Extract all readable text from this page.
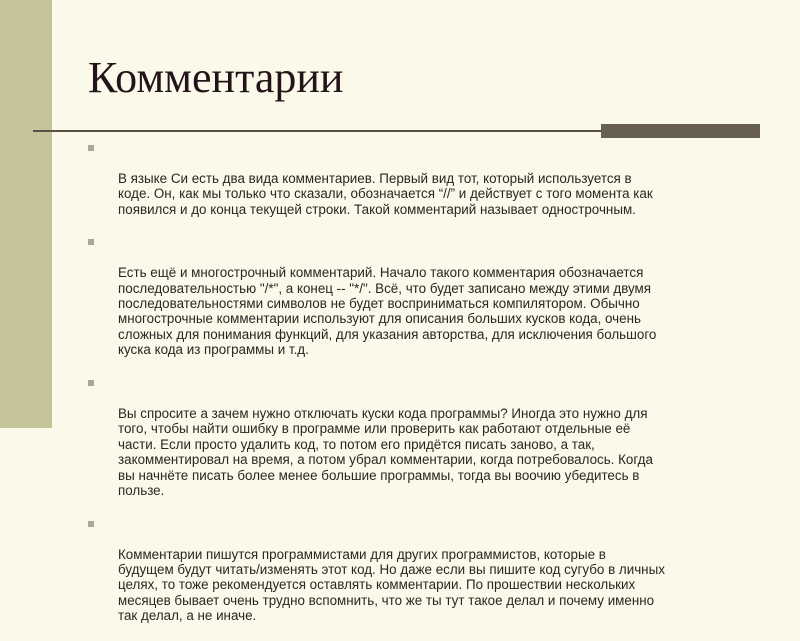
Комментарии

В языке Си есть два вида комментариев. Первый вид тот, который используется в
коде. Он, как мы только что сказали, обозначается “//” и действует с того момента как
появился и до конца текущей строки. Такой комментарий называет однострочным.

Есть ещё и многострочный комментарий. Начало такого комментария обозначается
последовательностью "/*", а конец -- "*/". Всё, что будет записано между этими двумя
последовательностями символов не будет восприниматься компилятором. Обычно
многострочные комментарии используют для описания больших кусков кода, очень
сложных для понимания функций, для указания авторства, для исключения большого
куска кода из программы и т.д.

Вы спросите а зачем нужно отключать куски кода программы? Иногда это нужно для
того, чтобы найти ошибку в программе или проверить как работают отдельные её
части. Если просто удалить код, то потом его придётся писать заново, а так,
закомментировал на время, а потом убрал комментарии, когда потребовалось. Когда
вы начнёте писать более менее большие программы, тогда вы воочию убедитесь в
пользе.

Комментарии пишутся программистами для других программистов, которые в
будущем будут читать/изменять этот код. Но даже если вы пишите код сугубо в личных
целях, то тоже рекомендуется оставлять комментарии. По прошествии нескольких
месяцев бывает очень трудно вспомнить, что же ты тут такое делал и почему именно
так делал, а не иначе.
